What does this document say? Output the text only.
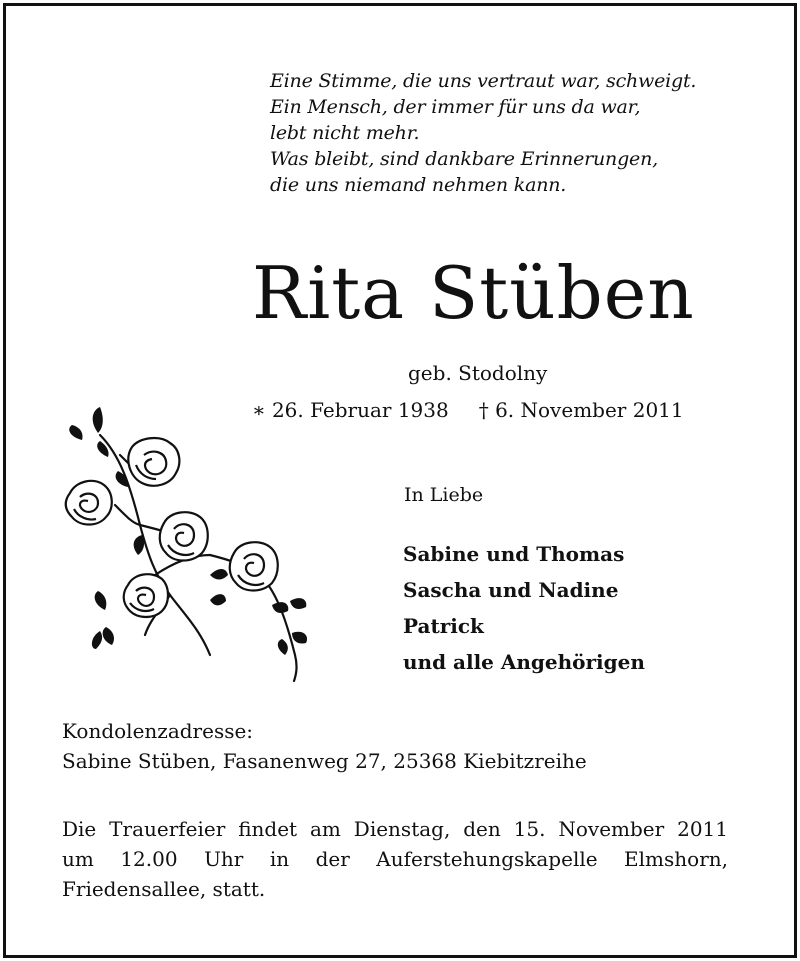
Eine Stimme, die uns vertraut war, schweigt.
Ein Mensch, der immer für uns da war,
lebt nicht mehr.
Was bleibt, sind dankbare Erinnerungen,
die uns niemand nehmen kann.
Rita Stüben
geb. Stodolny
∗ 26. Februar 1938 † 6. November 2011
In Liebe
Sabine und Thomas
Sascha und Nadine
Patrick
und alle Angehörigen
Kondolenzadresse:
Sabine Stüben, Fasanenweg 27, 25368 Kiebitzreihe
Die Trauerfeier findet am Dienstag, den 15. November 2011
um 12.00 Uhr in der Auferstehungskapelle Elmshorn,
Friedensallee, statt.
